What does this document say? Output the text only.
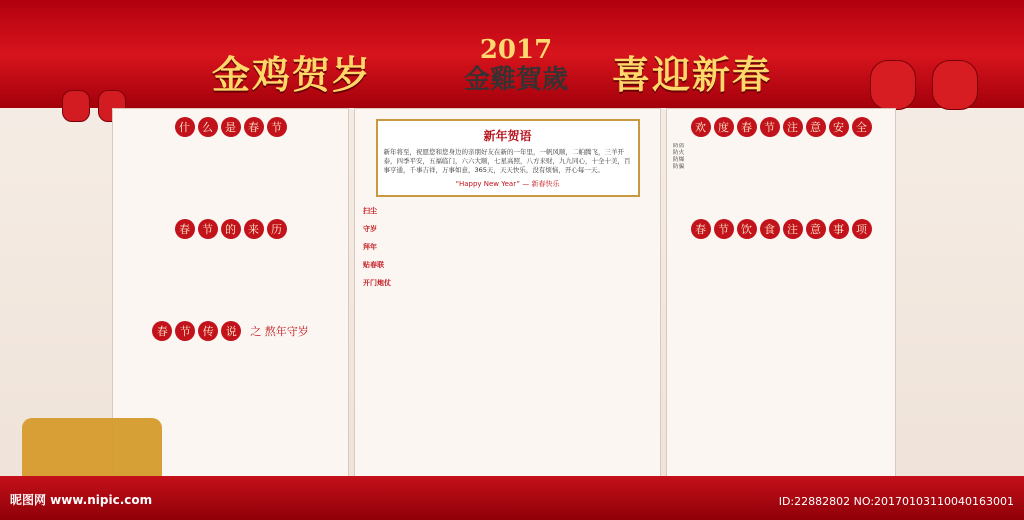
金鸡贺岁
2017
金雞賀歲	喜迎新春
什	么	是	春	节
春	节	的	来	历
春	节	传	说	之 熬年守岁
新年贺语

新年将至，祝愿您和您身边的亲朋好友在新的一年里，一帆风顺，二帕腾飞，三羊开泰，四季平安，五福临门，六六大顺，七星高照，八方来财，九九同心，十全十美，百事亨通，千事吉祥，万事如意，365天，天天快乐，没有烦恼，开心每一天。

“Happy New Year” — 新春快乐
扫尘
守岁
拜年
贴春联
开门炮仗
欢	度	春	节	注	意	安	全
防盗
防火
防爆
防骗
春	节	饮	食	注	意	事	项
昵图网 www.nipic.com	ID:22882802 NO:20170103110040163001
